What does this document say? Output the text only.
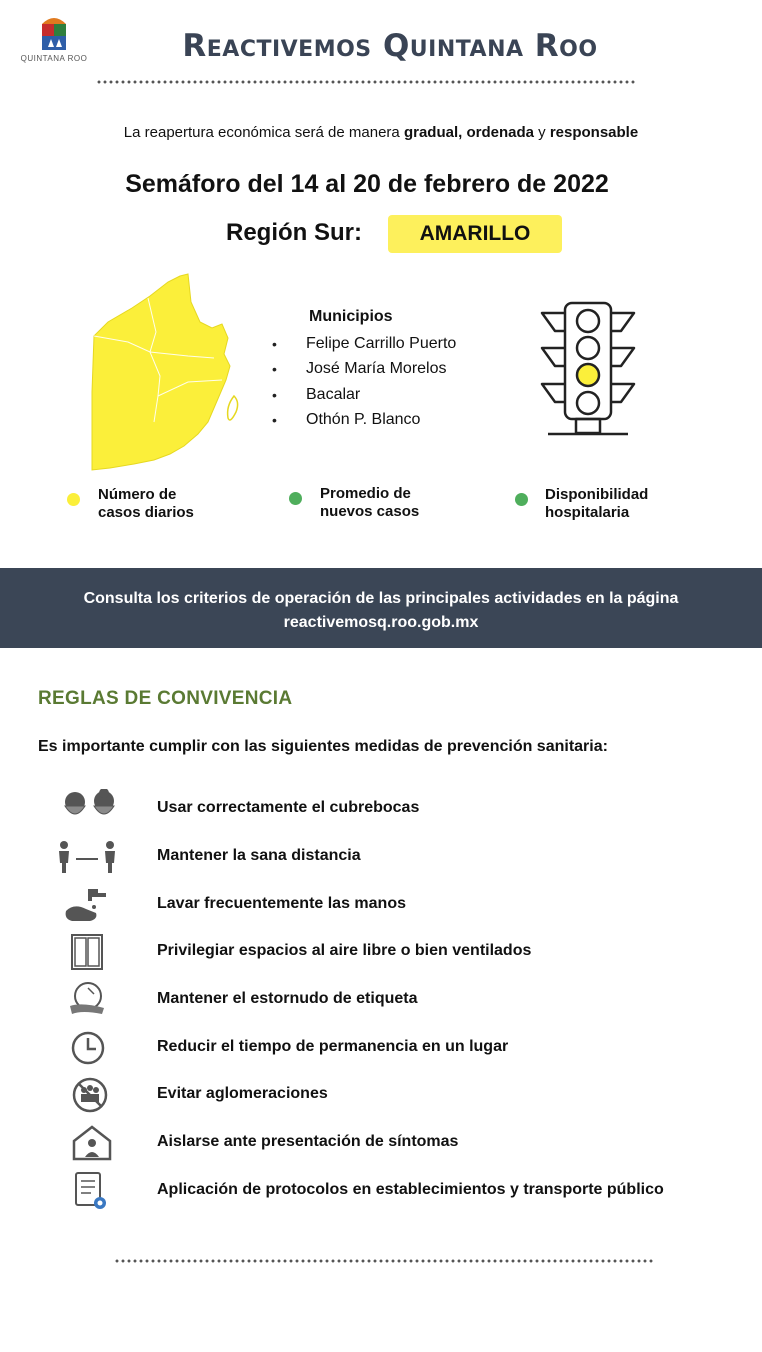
QUINTANA ROO	Reactivemos Quintana Roo
La reapertura económica será de manera gradual, ordenada y responsable
Semáforo del 14 al 20 de febrero de 2022
Región Sur:	AMARILLO
Municipios
•	Felipe Carrillo Puerto
•	José María Morelos
•	Bacalar
•	Othón P. Blanco
Número de
casos diarios
Promedio de
nuevos casos
Disponibilidad
hospitalaria
Consulta los criterios de operación de las principales actividades en la página
reactivemosq.roo.gob.mx
REGLAS DE CONVIVENCIA
Es importante cumplir con las siguientes medidas de prevención sanitaria:
Usar correctamente el cubrebocas
Mantener la sana distancia
Lavar frecuentemente las manos
Privilegiar espacios al aire libre o bien ventilados
Mantener el estornudo de etiqueta
Reducir el tiempo de permanencia en un lugar
Evitar aglomeraciones
Aislarse ante presentación de síntomas
Aplicación de protocolos en establecimientos y transporte público
